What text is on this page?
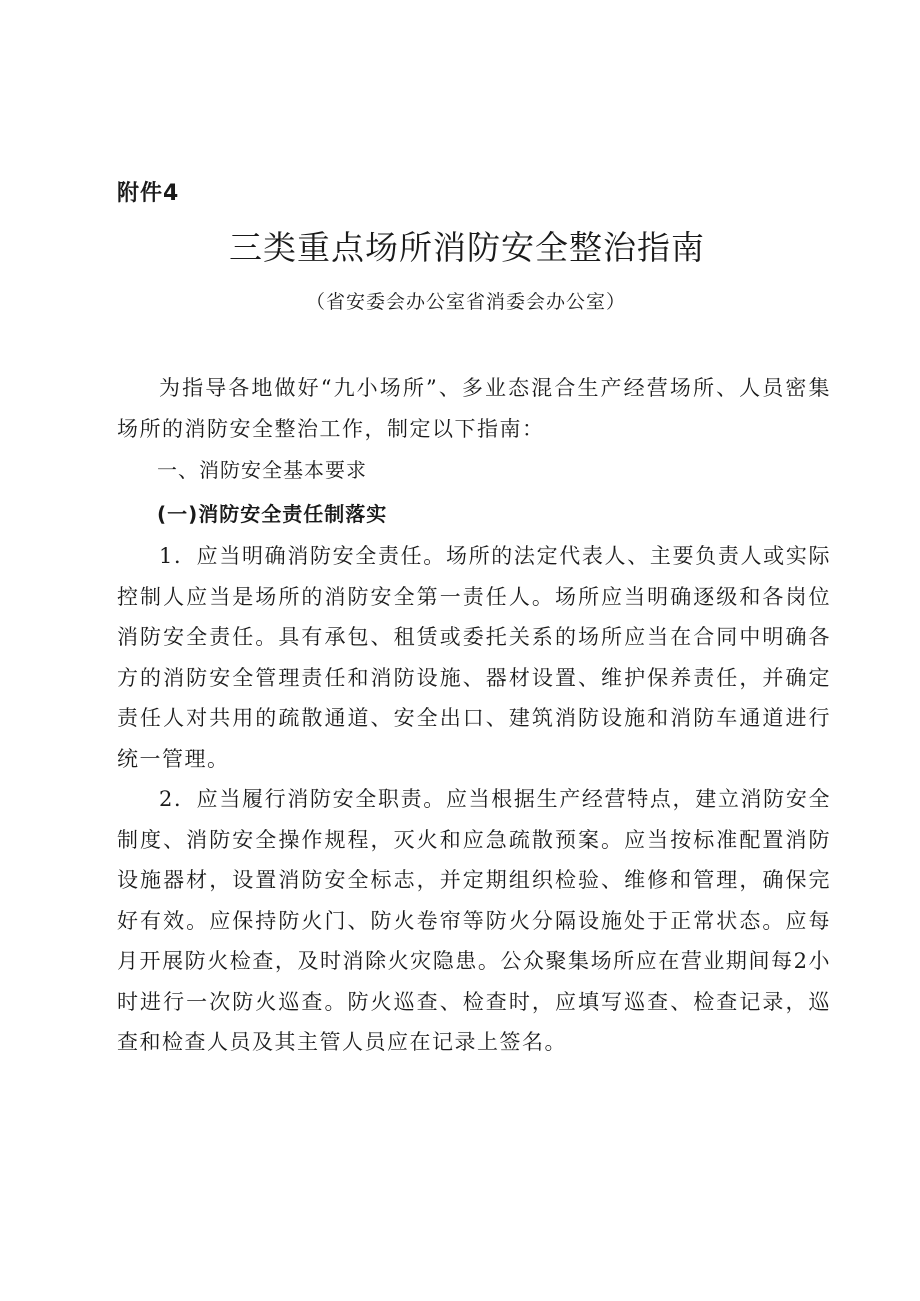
附件4
三类重点场所消防安全整治指南
（省安委会办公室省消委会办公室）

为指导各地做好“九小场所”、多业态混合生产经营场所、人员密集场所的消防安全整治工作，制定以下指南：

一、消防安全基本要求

(一)消防安全责任制落实

1．应当明确消防安全责任。场所的法定代表人、主要负责人或实际控制人应当是场所的消防安全第一责任人。场所应当明确逐级和各岗位消防安全责任。具有承包、租赁或委托关系的场所应当在合同中明确各方的消防安全管理责任和消防设施、器材设置、维护保养责任，并确定责任人对共用的疏散通道、安全出口、建筑消防设施和消防车通道进行统一管理。

2．应当履行消防安全职责。应当根据生产经营特点，建立消防安全制度、消防安全操作规程，灭火和应急疏散预案。应当按标准配置消防设施器材，设置消防安全标志，并定期组织检验、维修和管理，确保完好有效。应保持防火门、防火卷帘等防火分隔设施处于正常状态。应每月开展防火检查，及时消除火灾隐患。公众聚集场所应在营业期间每2小时进行一次防火巡查。防火巡查、检查时，应填写巡查、检查记录，巡查和检查人员及其主管人员应在记录上签名。
